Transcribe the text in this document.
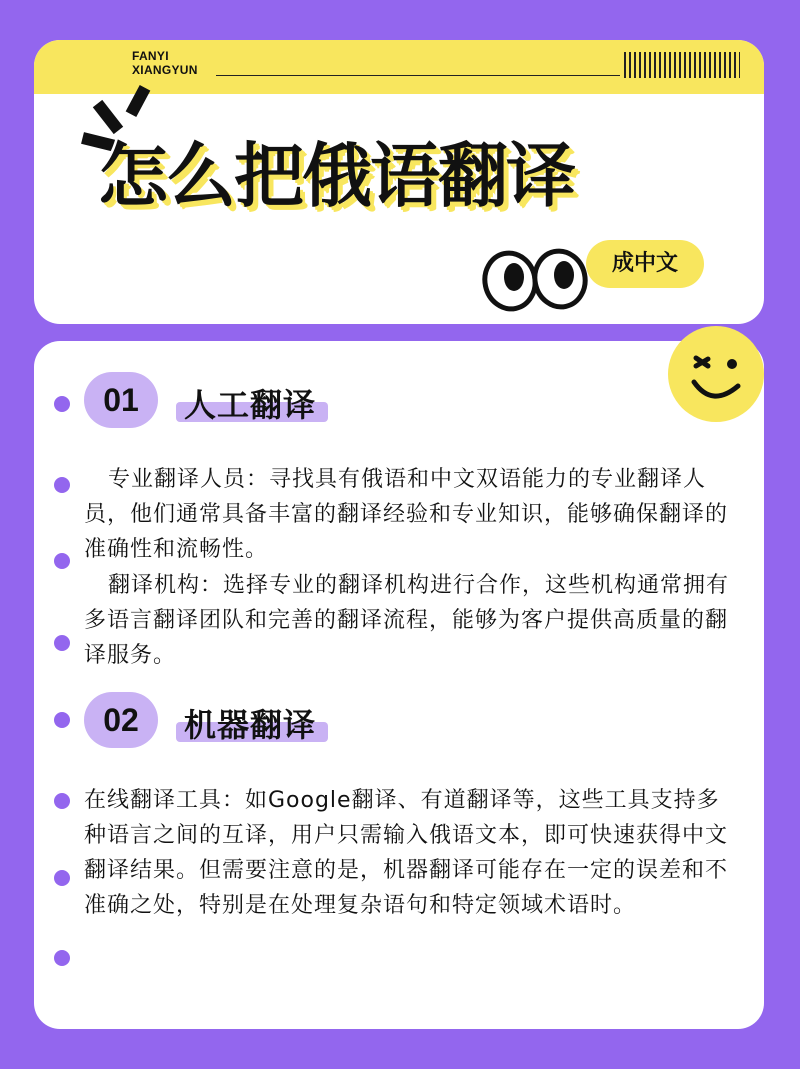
FANYI
XIANGYUN
怎么把俄语翻译
成中文
01	人工翻译
专业翻译人员：寻找具有俄语和中文双语能力的专业翻译人员，他们通常具备丰富的翻译经验和专业知识，能够确保翻译的准确性和流畅性。
翻译机构：选择专业的翻译机构进行合作，这些机构通常拥有多语言翻译团队和完善的翻译流程，能够为客户提供高质量的翻译服务。
02	机器翻译
在线翻译工具：如Google翻译、有道翻译等，这些工具支持多种语言之间的互译，用户只需输入俄语文本，即可快速获得中文翻译结果。但需要注意的是，机器翻译可能存在一定的误差和不准确之处，特别是在处理复杂语句和特定领域术语时。
